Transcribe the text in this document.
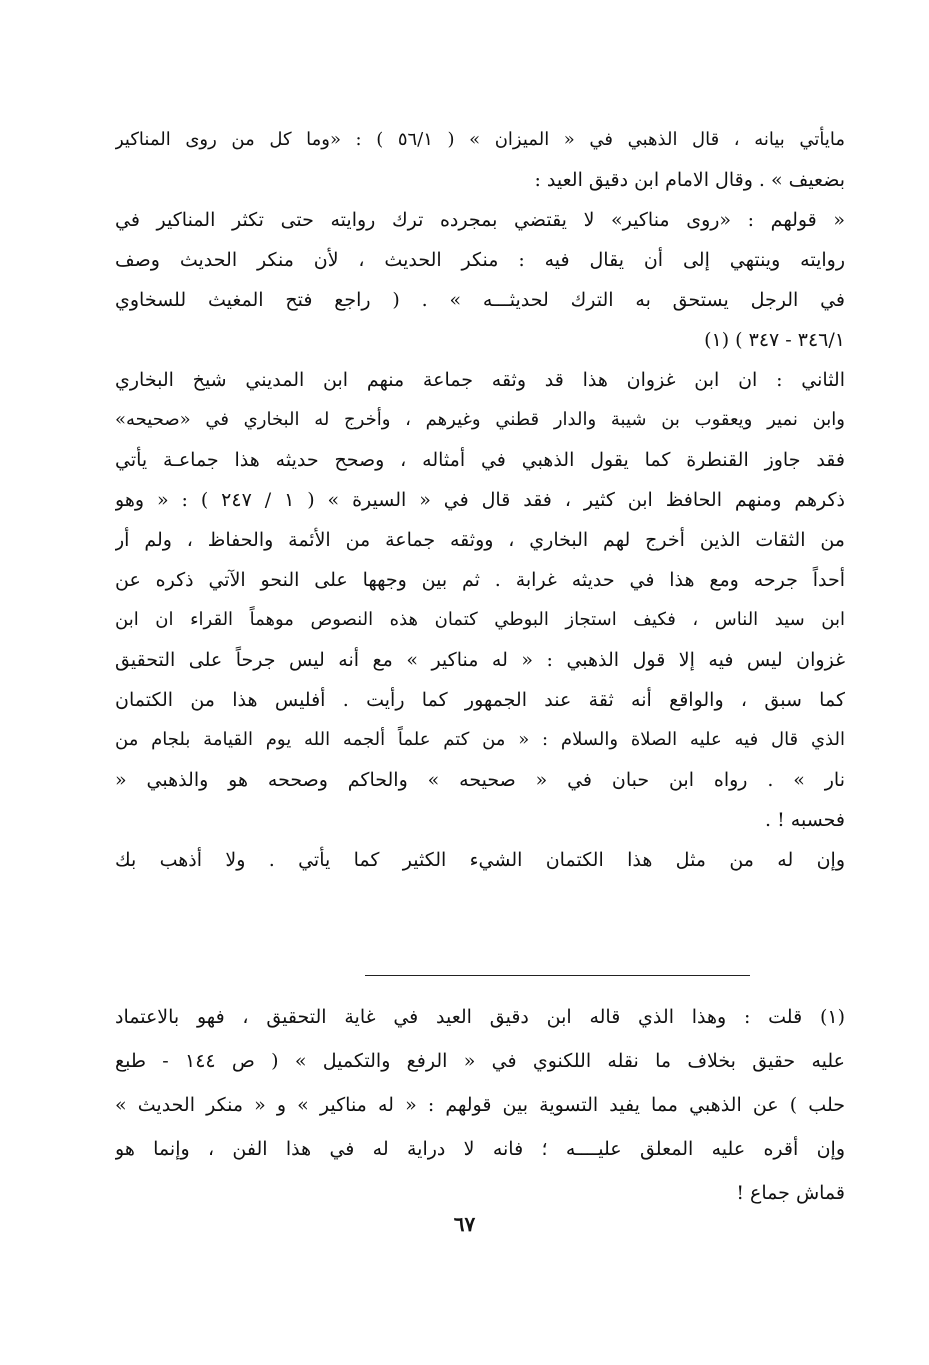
مايأتي بيانه ، قال الذهبي في « الميزان » ( ٥٦/١ ) : «وما كل من روى المناكير
بضعيف » . وقال الامام ابن دقيق العيد :
« قولهم : «روى مناكير» لا يقتضي بمجرده ترك روايته حتى تكثر المناكير في
روايته وينتهي إلى أن يقال فيه : منكر الحديث ، لأن منكر الحديث وصف
في الرجل يستحق به الترك لحديثـــه » . ( راجع فتح المغيث للسخاوي
٣٤٦/١ - ٣٤٧ ) (١)
الثاني : ان ابن غزوان هذا قد وثقه جماعة منهم ابن المديني شيخ البخاري
وابن نمير ويعقوب بن شيبة والدار قطني وغيرهم ، وأخرج له البخاري في «صحيحه»
فقد جاوز القنطرة كما يقول الذهبي في أمثاله ، وصحح حديثه هذا جماعـة يأتي
ذكرهم ومنهم الحافظ ابن كثير ، فقد قال في « السيرة » ( ١ / ٢٤٧ ) : « وهو
من الثقات الذين أخرج لهم البخاري ، ووثقه جماعة من الأئمة والحفاظ ، ولم أر
أحداً جرحه ومع هذا في حديثه غرابة . ثم بين وجهها على النحو الآتي ذكره عن
ابن سيد الناس ، فكيف استجاز البوطي كتمان هذه النصوص موهماً القراء ان ابن
غزوان ليس فيه إلا قول الذهبي : « له مناكير » مع أنه ليس جرحاً على التحقيق
كما سبق ، والواقع أنه ثقة عند الجمهور كما رأيت . أفليس هذا من الكتمان
الذي قال فيه عليه الصلاة والسلام : « من كتم علماً ألجمه الله يوم القيامة بلجام من
نار » . رواه ابن حبان في « صحيحه » والحاكم وصححه هو والذهبي «
فحسبه ! .
وإن له من مثل هذا الكتمان الشيء الكثير كما يأتي . ولا أذهب بك
(١) قلت : وهذا الذي قاله ابن دقيق العيد في غاية التحقيق ، فهو بالاعتماد
عليه حقيق بخلاف ما نقله اللكنوي في « الرفع والتكميل » ( ص ١٤٤ - طبع
حلب ) عن الذهبي مما يفيد التسوية بين قولهم : « له مناكير » و « منكر الحديث »
وإن أقره عليه المعلق عليــــه ؛ فانه لا دراية له في هذا الفن ، وإنما هو
قماش جماع !
٦٧
